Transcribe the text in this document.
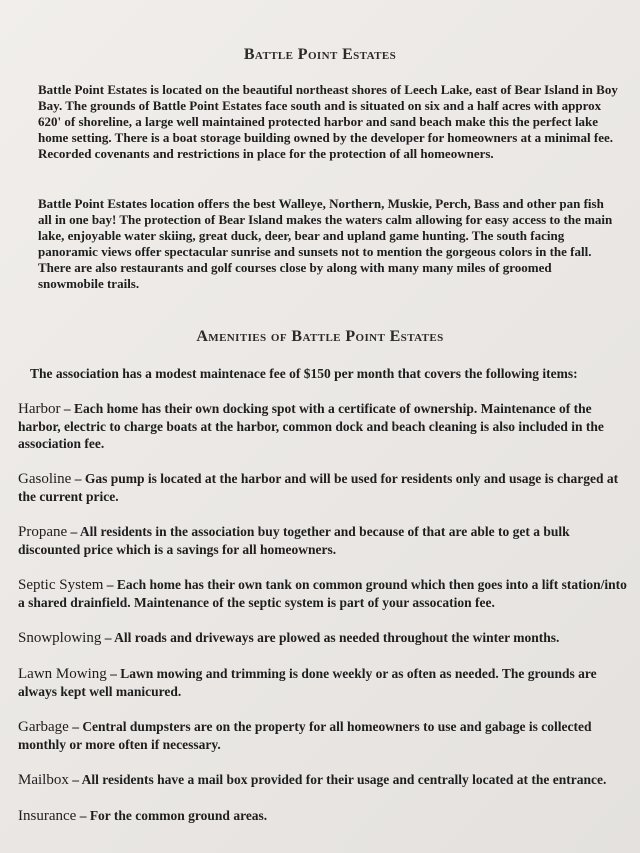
Battle Point Estates
Battle Point Estates is located on the beautiful northeast shores of Leech Lake, east of Bear Island in Boy Bay. The grounds of Battle Point Estates face south and is situated on six and a half acres with approx 620' of shoreline, a large well maintained protected harbor and sand beach make this the perfect lake home setting. There is a boat storage building owned by the developer for homeowners at a minimal fee. Recorded covenants and restrictions in place for the protection of all homeowners.
Battle Point Estates location offers the best Walleye, Northern, Muskie, Perch, Bass and other pan fish all in one bay! The protection of Bear Island makes the waters calm allowing for easy access to the main lake, enjoyable water skiing, great duck, deer, bear and upland game hunting. The south facing panoramic views offer spectacular sunrise and sunsets not to mention the gorgeous colors in the fall. There are also restaurants and golf courses close by along with many many miles of groomed snowmobile trails.
Amenities of Battle Point Estates
The association has a modest maintenace fee of $150 per month that covers the following items:
Harbor – Each home has their own docking spot with a certificate of ownership. Maintenance of the harbor, electric to charge boats at the harbor, common dock and beach cleaning is also included in the association fee.
Gasoline – Gas pump is located at the harbor and will be used for residents only and usage is charged at the current price.
Propane – All residents in the association buy together and because of that are able to get a bulk discounted price which is a savings for all homeowners.
Septic System – Each home has their own tank on common ground which then goes into a lift station/into a shared drainfield. Maintenance of the septic system is part of your assocation fee.
Snowplowing – All roads and driveways are plowed as needed throughout the winter months.
Lawn Mowing – Lawn mowing and trimming is done weekly or as often as needed. The grounds are always kept well manicured.
Garbage – Central dumpsters are on the property for all homeowners to use and gabage is collected monthly or more often if necessary.
Mailbox – All residents have a mail box provided for their usage and centrally located at the entrance.
Insurance – For the common ground areas.
